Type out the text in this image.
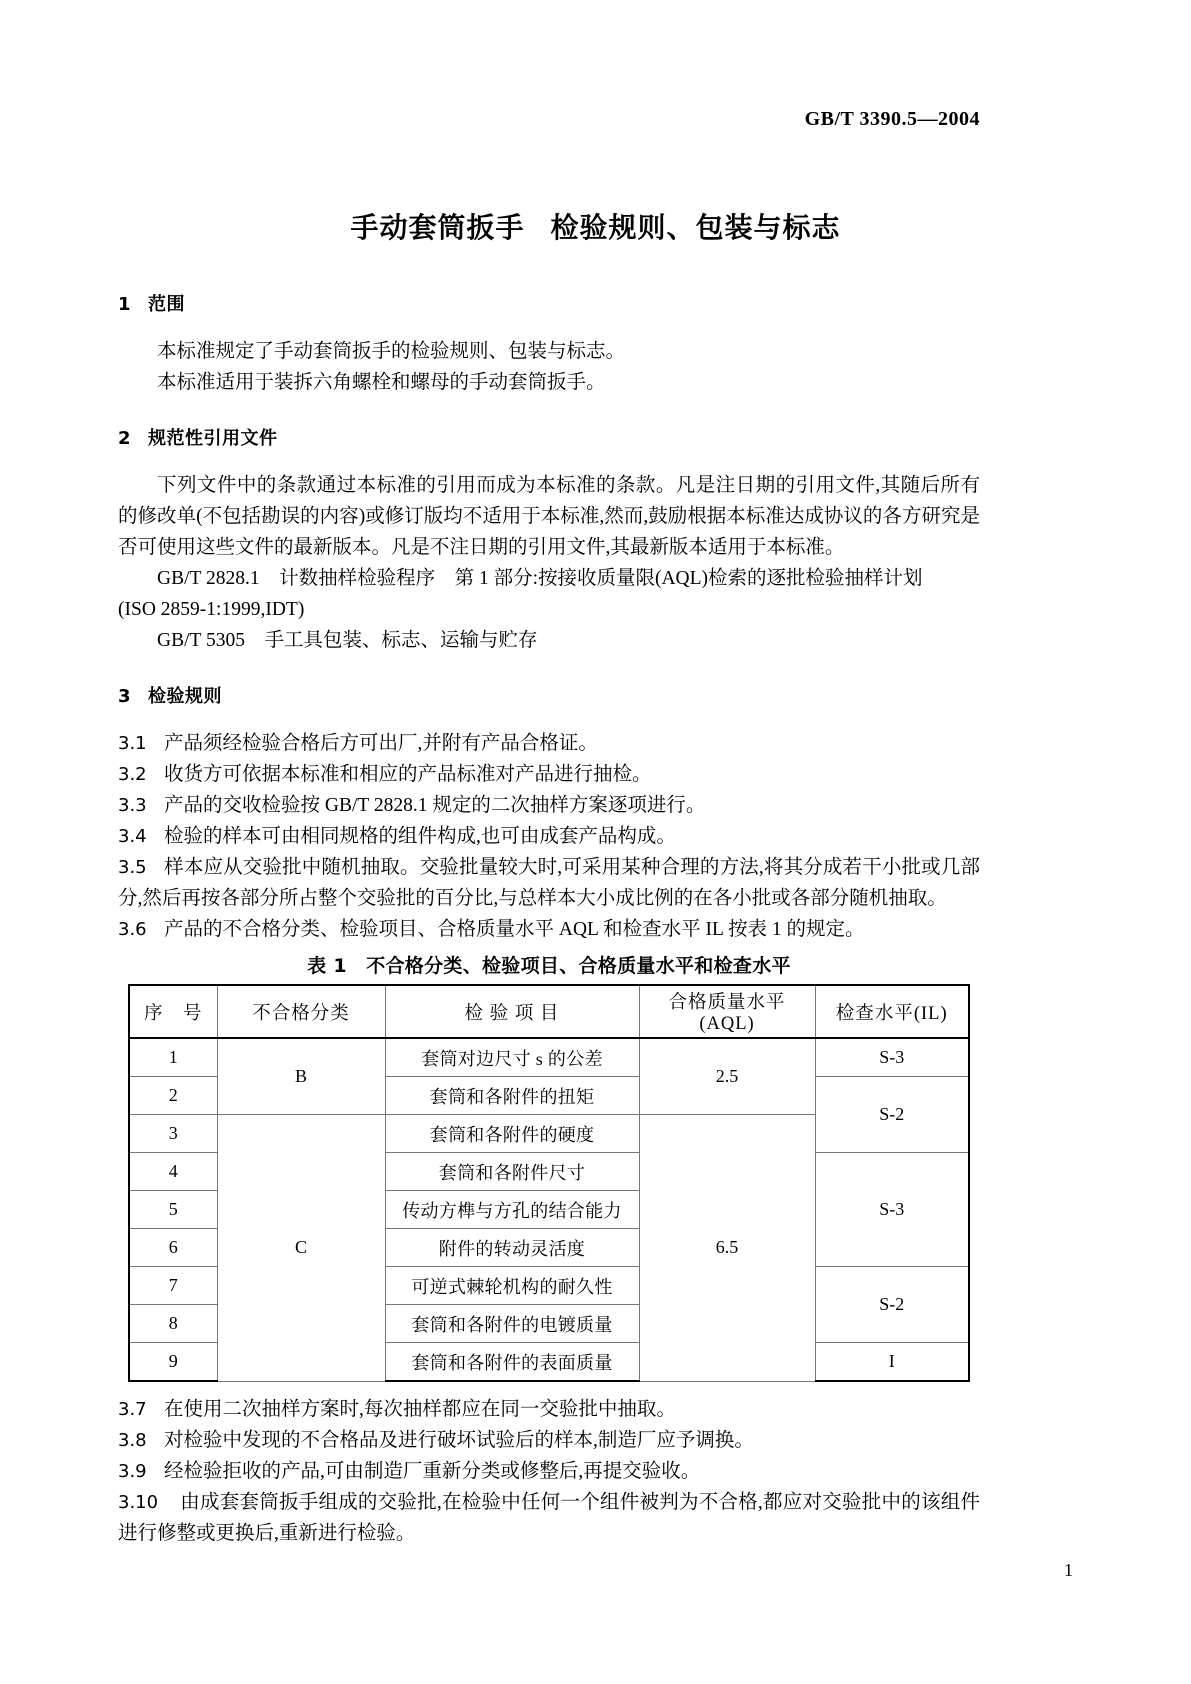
GB/T 3390.5—2004
手动套筒扳手 检验规则、包装与标志
1 范围
本标准规定了手动套筒扳手的检验规则、包装与标志。
本标准适用于装拆六角螺栓和螺母的手动套筒扳手。
2 规范性引用文件
下列文件中的条款通过本标准的引用而成为本标准的条款。凡是注日期的引用文件,其随后所有的修改单(不包括勘误的内容)或修订版均不适用于本标准,然而,鼓励根据本标准达成协议的各方研究是否可使用这些文件的最新版本。凡是不注日期的引用文件,其最新版本适用于本标准。
GB/T 2828.1　计数抽样检验程序　第 1 部分:按接收质量限(AQL)检索的逐批检验抽样计划
(ISO 2859-1:1999,IDT)
GB/T 5305　手工具包装、标志、运输与贮存
3 检验规则
3.1 产品须经检验合格后方可出厂,并附有产品合格证。
3.2 收货方可依据本标准和相应的产品标准对产品进行抽检。
3.3 产品的交收检验按 GB/T 2828.1 规定的二次抽样方案逐项进行。
3.4 检验的样本可由相同规格的组件构成,也可由成套产品构成。
3.5 样本应从交验批中随机抽取。交验批量较大时,可采用某种合理的方法,将其分成若干小批或几部分,然后再按各部分所占整个交验批的百分比,与总样本大小成比例的在各小批或各部分随机抽取。
3.6 产品的不合格分类、检验项目、合格质量水平 AQL 和检查水平 IL 按表 1 的规定。
表 1　不合格分类、检验项目、合格质量水平和检查水平
序　号	不合格分类	检 验 项 目	合格质量水平(AQL)	检查水平(IL)
1	B	套筒对边尺寸 s 的公差	2.5	S-3
2		套筒和各附件的扭矩		S-2
3	C	套筒和各附件的硬度	6.5	
4		套筒和各附件尺寸		S-3
5		传动方榫与方孔的结合能力		
6		附件的转动灵活度		
7		可逆式棘轮机构的耐久性		S-2
8		套筒和各附件的电镀质量		
9		套筒和各附件的表面质量		I
3.7 在使用二次抽样方案时,每次抽样都应在同一交验批中抽取。
3.8 对检验中发现的不合格品及进行破坏试验后的样本,制造厂应予调换。
3.9 经检验拒收的产品,可由制造厂重新分类或修整后,再提交验收。
3.10 由成套套筒扳手组成的交验批,在检验中任何一个组件被判为不合格,都应对交验批中的该组件进行修整或更换后,重新进行检验。
1
